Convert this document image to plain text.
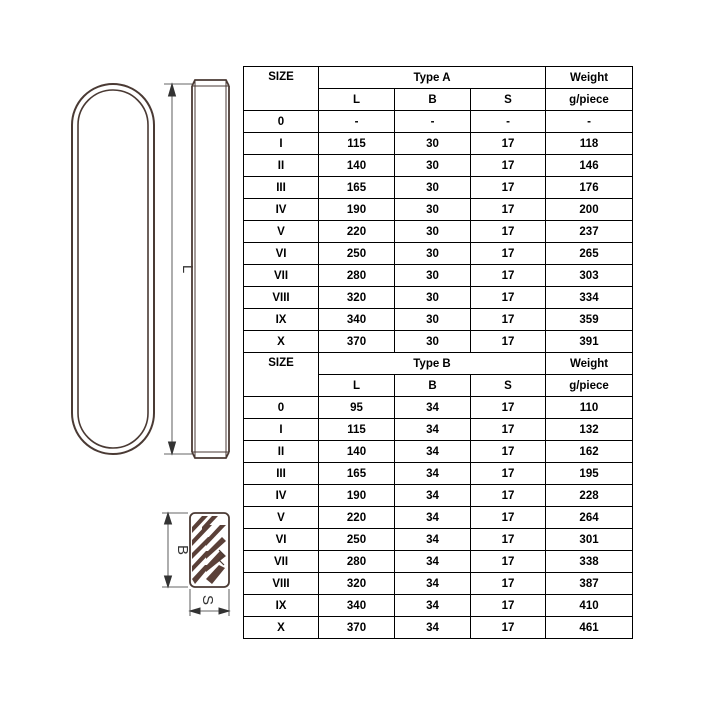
L
B
S
SIZE	Type A			Weight
	L	B	S	g/piece
0	-	-	-	-
I	115	30	17	118
II	140	30	17	146
III	165	30	17	176
IV	190	30	17	200
V	220	30	17	237
VI	250	30	17	265
VII	280	30	17	303
VIII	320	30	17	334
IX	340	30	17	359
X	370	30	17	391
SIZE	Type B			Weight
	L	B	S	g/piece
0	95	34	17	110
I	115	34	17	132
II	140	34	17	162
III	165	34	17	195
IV	190	34	17	228
V	220	34	17	264
VI	250	34	17	301
VII	280	34	17	338
VIII	320	34	17	387
IX	340	34	17	410
X	370	34	17	461
